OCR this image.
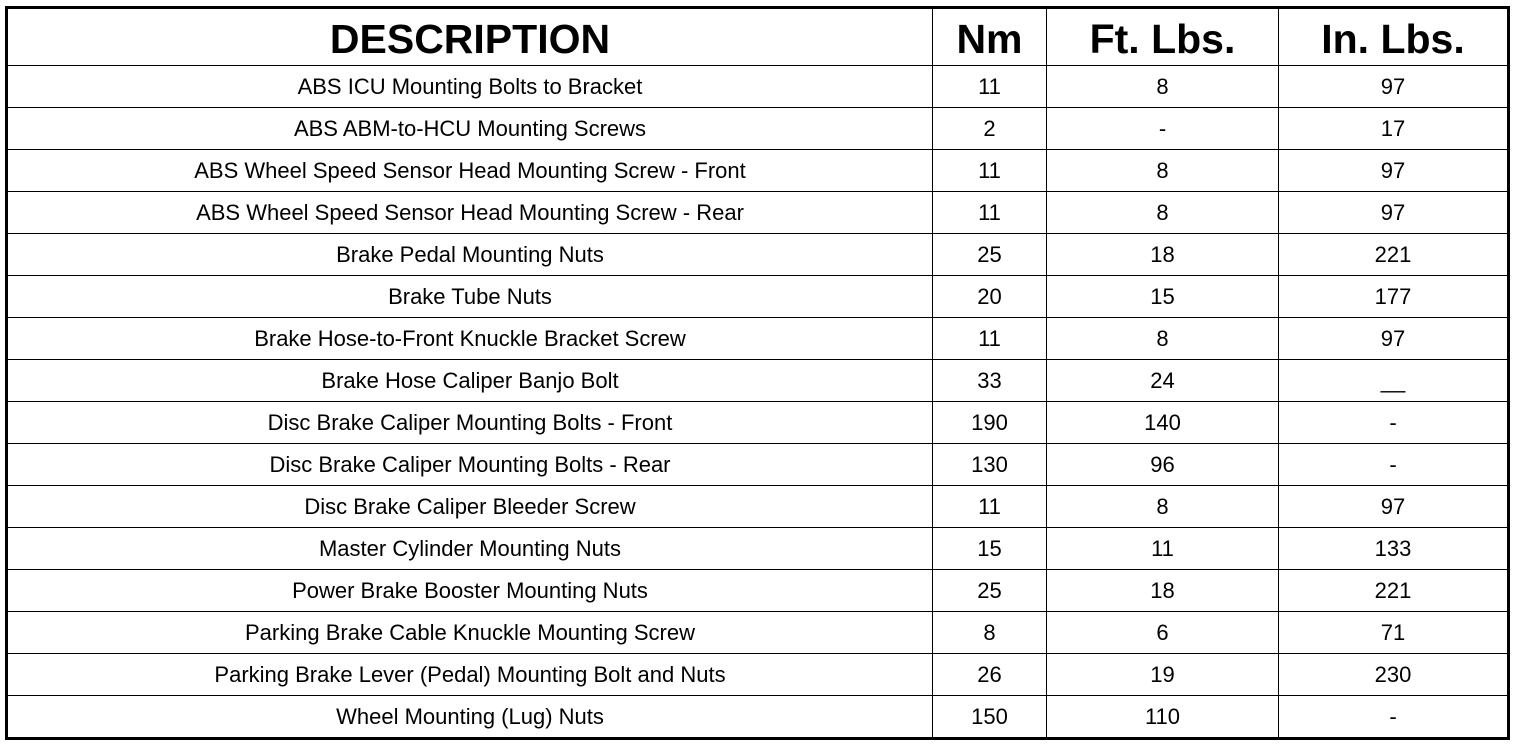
DESCRIPTION	Nm	Ft. Lbs.	In. Lbs.
ABS ICU Mounting Bolts to Bracket	11	8	97
ABS ABM-to-HCU Mounting Screws	2	-	17
ABS Wheel Speed Sensor Head Mounting Screw - Front	11	8	97
ABS Wheel Speed Sensor Head Mounting Screw - Rear	11	8	97
Brake Pedal Mounting Nuts	25	18	221
Brake Tube Nuts	20	15	177
Brake Hose-to-Front Knuckle Bracket Screw	11	8	97
Brake Hose Caliper Banjo Bolt	33	24	__
Disc Brake Caliper Mounting Bolts - Front	190	140	-
Disc Brake Caliper Mounting Bolts - Rear	130	96	-
Disc Brake Caliper Bleeder Screw	11	8	97
Master Cylinder Mounting Nuts	15	11	133
Power Brake Booster Mounting Nuts	25	18	221
Parking Brake Cable Knuckle Mounting Screw	8	6	71
Parking Brake Lever (Pedal) Mounting Bolt and Nuts	26	19	230
Wheel Mounting (Lug) Nuts	150	110	-
